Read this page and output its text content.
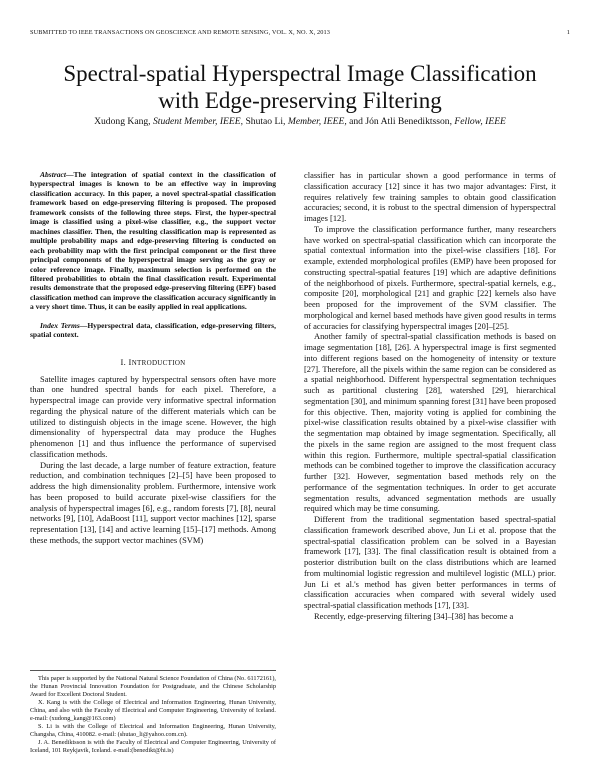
SUBMITTED TO IEEE TRANSACTIONS ON GEOSCIENCE AND REMOTE SENSING, VOL. X, NO. X, 2013	1
Spectral-spatial Hyperspectral Image Classification
with Edge-preserving Filtering
Xudong Kang, Student Member, IEEE, Shutao Li, Member, IEEE, and Jón Atli Benediktsson, Fellow, IEEE

Abstract—The integration of spatial context in the classification of hyperspectral images is known to be an effective way in improving classification accuracy. In this paper, a novel spectral-spatial classification framework based on edge-preserving filtering is proposed. The proposed framework consists of the following three steps. First, the hyper-spectral image is classified using a pixel-wise classifier, e.g., the support vector machines classifier. Then, the resulting classification map is represented as multiple probability maps and edge-preserving filtering is conducted on each probability map with the first principal component or the first three principal components of the hyperspectral image serving as the gray or color reference image. Finally, maximum selection is performed on the filtered probabilities to obtain the final classification result. Experimental results demonstrate that the proposed edge-preserving filtering (EPF) based classification method can improve the classification accuracy significantly in a very short time. Thus, it can be easily applied in real applications.

Index Terms—Hyperspectral data, classification, edge-preserving filters, spatial context.

I. INTRODUCTION

Satellite images captured by hyperspectral sensors often have more than one hundred spectral bands for each pixel. Therefore, a hyperspectral image can provide very informative spectral information regarding the physical nature of the different materials which can be utilized to distinguish objects in the image scene. However, the high dimensionality of hyperspectral data may produce the Hughes phenomenon [1] and thus influence the performance of supervised classification methods.

During the last decade, a large number of feature extraction, feature reduction, and combination techniques [2]–[5] have been proposed to address the high dimensionality problem. Furthermore, intensive work has been proposed to build accurate pixel-wise classifiers for the analysis of hyperspectral images [6], e.g., random forests [7], [8], neural networks [9], [10], AdaBoost [11], support vector machines [12], sparse representation [13], [14] and active learning [15]–[17] methods. Among these methods, the support vector machines (SVM)

This paper is supported by the National Natural Science Foundation of China (No. 61172161), the Hunan Provincial Innovation Foundation for Postgraduate, and the Chinese Scholarship Award for Excellent Doctoral Student.
X. Kang is with the College of Electrical and Information Engineering, Hunan University, China, and also with the Faculty of Electrical and Computer Engineering, University of Iceland. e-mail: (xudong_kang@163.com)
S. Li is with the College of Electrical and Information Engineering, Hunan University, Changsha, China, 410082. e-mail: (shutao_li@yahoo.com.cn).
J. A. Benediktsson is with the Faculty of Electrical and Computer Engineering, University of Iceland, 101 Reykjavik, Iceland. e-mail:(benedikt@hi.is)

classifier has in particular shown a good performance in terms of classification accuracy [12] since it has two major advantages: First, it requires relatively few training samples to obtain good classification accuracies; second, it is robust to the spectral dimension of hyperspectral images [12].

To improve the classification performance further, many researchers have worked on spectral-spatial classification which can incorporate the spatial contextual information into the pixel-wise classifiers [18]. For example, extended morphological profiles (EMP) have been proposed for constructing spectral-spatial features [19] which are adaptive definitions of the neighborhood of pixels. Furthermore, spectral-spatial kernels, e.g., composite [20], morphological [21] and graphic [22] kernels also have been proposed for the improvement of the SVM classifier. The morphological and kernel based methods have given good results in terms of accuracies for classifying hyperspectral images [20]–[25].

Another family of spectral-spatial classification methods is based on image segmentation [18], [26]. A hyperspectral image is first segmented into different regions based on the homogeneity of intensity or texture [27]. Therefore, all the pixels within the same region can be considered as a spatial neighborhood. Different hyperspectral segmentation techniques such as partitional clustering [28], watershed [29], hierarchical segmentation [30], and minimum spanning forest [31] have been proposed for this objective. Then, majority voting is applied for combining the pixel-wise classification results obtained by a pixel-wise classifier with the segmentation map obtained by image segmentation. Specifically, all the pixels in the same region are assigned to the most frequent class within this region. Furthermore, multiple spectral-spatial classification methods can be combined together to improve the classification accuracy further [32]. However, segmentation based methods rely on the performance of the segmentation techniques. In order to get accurate segmentation results, advanced segmentation methods are usually required which may be time consuming.

Different from the traditional segmentation based spectral-spatial classification framework described above, Jun Li et al. propose that the spectral-spatial classification problem can be solved in a Bayesian framework [17], [33]. The final classification result is obtained from a posterior distribution built on the class distributions which are learned from multinomial logistic regression and multilevel logistic (MLL) prior. Jun Li et al.'s method has given better performances in terms of classification accuracies when compared with several widely used spectral-spatial classification methods [17], [33].

Recently, edge-preserving filtering [34]–[38] has become a
